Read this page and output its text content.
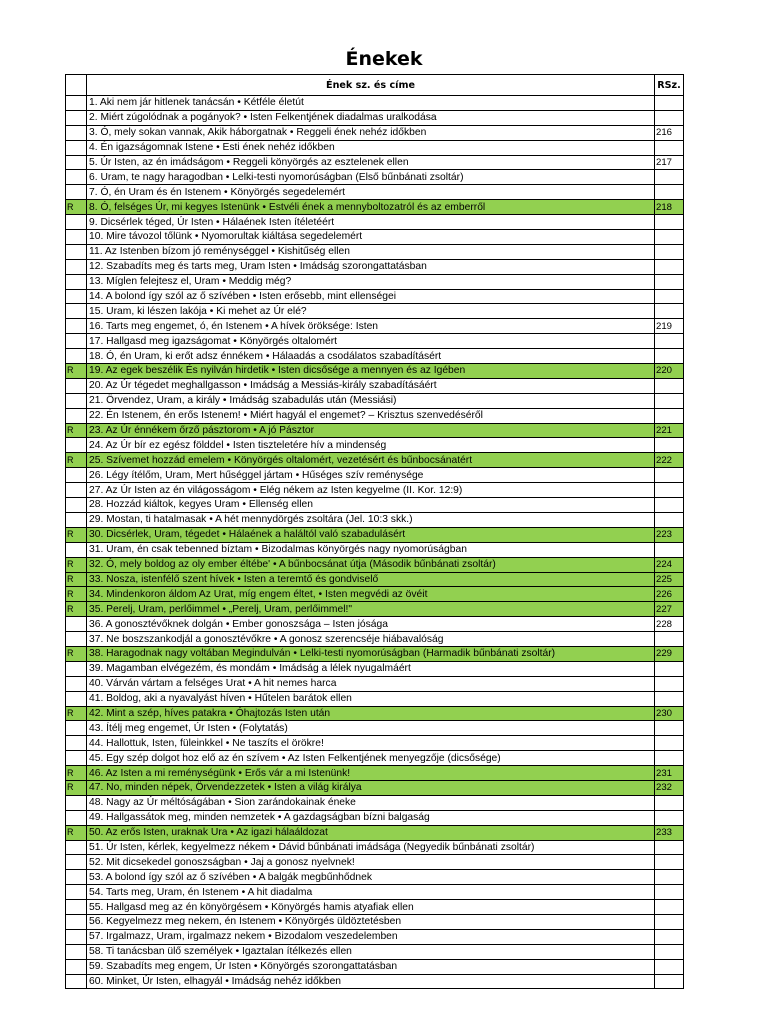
Énekek
	Ének sz. és címe	RSz.
	1. Aki nem jár hitlenek tanácsán • Kétféle életút	
	2. Miért zúgolódnak a pogányok? • Isten Felkentjének diadalmas uralkodása	
	3. Ó, mely sokan vannak, Akik háborgatnak • Reggeli ének nehéz időkben	216
	4. Én igazságomnak Istene • Esti ének nehéz időkben	
	5. Úr Isten, az én imádságom • Reggeli könyörgés az esztelenek ellen	217
	6. Uram, te nagy haragodban • Lelki-testi nyomorúságban (Első bűnbánati zsoltár)	
	7. Ó, én Uram és én Istenem • Könyörgés segedelemért	
R	8. Ó, felséges Úr, mi kegyes Istenünk • Estvéli ének a mennyboltozatról és az emberről	218
	9. Dicsérlek téged, Úr Isten • Hálaének Isten ítéletéért	
	10. Mire távozol tőlünk • Nyomorultak kiáltása segedelemért	
	11. Az Istenben bízom jó reménységgel • Kishitűség ellen	
	12. Szabadíts meg és tarts meg, Uram Isten • Imádság szorongattatásban	
	13. Míglen felejtesz el, Uram • Meddig még?	
	14. A bolond így szól az ő szívében • Isten erősebb, mint ellenségei	
	15. Uram, ki lészen lakója • Ki mehet az Úr elé?	
	16. Tarts meg engemet, ó, én Istenem • A hívek öröksége: Isten	219
	17. Hallgasd meg igazságomat • Könyörgés oltalomért	
	18. Ó, én Uram, ki erőt adsz énnékem • Hálaadás a csodálatos szabadításért	
R	19. Az egek beszélik És nyilván hirdetik • Isten dicsősége a mennyen és az Igében	220
	20. Az Úr tégedet meghallgasson • Imádság a Messiás-király szabadításáért	
	21. Örvendez, Uram, a király • Imádság szabadulás után (Messiási)	
	22. Én Istenem, én erős Istenem! • Miért hagyál el engemet? – Krisztus szenvedéséről	
R	23. Az Úr énnékem őrző pásztorom • A jó Pásztor	221
	24. Az Úr bír ez egész földdel • Isten tiszteletére hív a mindenség	
R	25. Szívemet hozzád emelem • Könyörgés oltalomért, vezetésért és bűnbocsánatért	222
	26. Légy ítélőm, Uram, Mert hűséggel jártam • Hűséges szív reménysége	
	27. Az Úr Isten az én világosságom • Elég nékem az Isten kegyelme (II. Kor. 12:9)	
	28. Hozzád kiáltok, kegyes Uram • Ellenség ellen	
	29. Mostan, ti hatalmasak • A hét mennydörgés zsoltára (Jel. 10:3 skk.)	
R	30. Dicsérlek, Uram, tégedet • Hálaének a haláltól való szabadulásért	223
	31. Uram, én csak tebenned bíztam • Bizodalmas könyörgés nagy nyomorúságban	
R	32. Ó, mely boldog az oly ember éltébe' • A bűnbocsánat útja (Második bűnbánati zsoltár)	224
R	33. Nosza, istenfélő szent hívek • Isten a teremtő és gondviselő	225
R	34. Mindenkoron áldom Az Urat, míg engem éltet, • Isten megvédi az övéit	226
R	35. Perelj, Uram, perlőimmel • „Perelj, Uram, perlőimmel!"	227
	36. A gonosztévőknek dolgán • Ember gonoszsága – Isten jósága	228
	37. Ne boszszankodjál a gonosztévőkre • A gonosz szerencséje hiábavalóság	
R	38. Haragodnak nagy voltában Megindulván • Lelki-testi nyomorúságban (Harmadik bűnbánati zsoltár)	229
	39. Magamban elvégezém, és mondám • Imádság a lélek nyugalmáért	
	40. Várván vártam a felséges Urat • A hit nemes harca	
	41. Boldog, aki a nyavalyást híven • Hűtelen barátok ellen	
R	42. Mint a szép, híves patakra • Óhajtozás Isten után	230
	43. Ítélj meg engemet, Úr Isten • (Folytatás)	
	44. Hallottuk, Isten, füleinkkel • Ne taszíts el örökre!	
	45. Egy szép dolgot hoz elő az én szívem • Az Isten Felkentjének menyegzője (dicsősége)	
R	46. Az Isten a mi reménységünk • Erős vár a mi Istenünk!	231
R	47. No, minden népek, Örvendezzetek • Isten a világ királya	232
	48. Nagy az Úr méltóságában • Sion zarándokainak éneke	
	49. Hallgassátok meg, minden nemzetek • A gazdagságban bízni balgaság	
R	50. Az erős Isten, uraknak Ura • Az igazi hálaáldozat	233
	51. Úr Isten, kérlek, kegyelmezz nékem • Dávid bűnbánati imádsága (Negyedik bűnbánati zsoltár)	
	52. Mit dicsekedel gonoszságban • Jaj a gonosz nyelvnek!	
	53. A bolond így szól az ő szívében • A balgák megbűnhődnek	
	54. Tarts meg, Uram, én Istenem • A hit diadalma	
	55. Hallgasd meg az én könyörgésem • Könyörgés hamis atyafiak ellen	
	56. Kegyelmezz meg nekem, én Istenem • Könyörgés üldöztetésben	
	57. Irgalmazz, Uram, irgalmazz nekem • Bizodalom veszedelemben	
	58. Ti tanácsban ülő személyek • Igaztalan ítélkezés ellen	
	59. Szabadíts meg engem, Úr Isten • Könyörgés szorongattatásban	
	60. Minket, Úr Isten, elhagyál • Imádság nehéz időkben	
